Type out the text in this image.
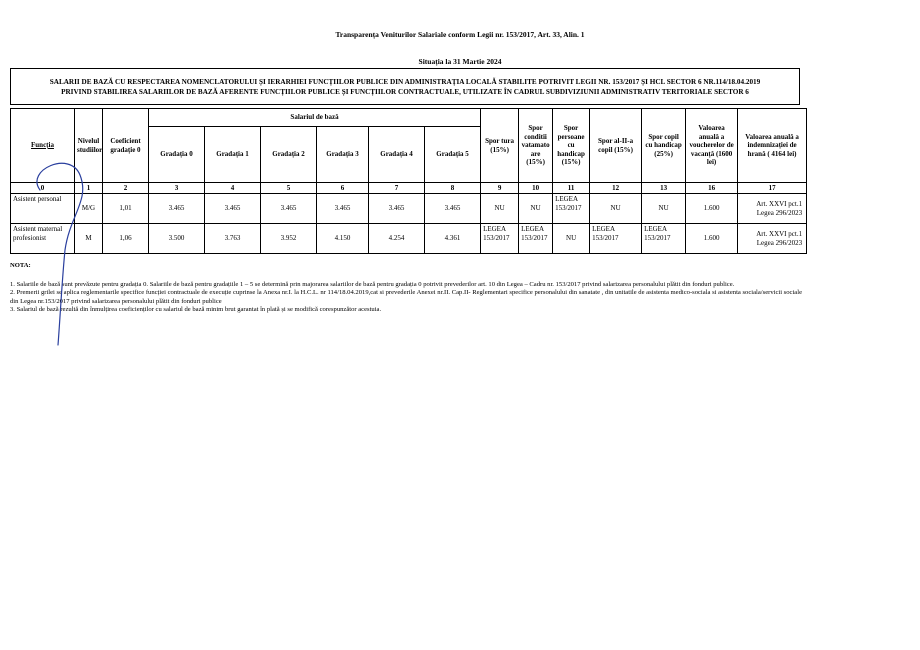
Transparența Veniturilor Salariale conform Legii nr. 153/2017, Art. 33, Alin. 1
Situația la 31 Martie 2024
SALARII DE BAZĂ CU RESPECTAREA NOMENCLATORULUI ȘI IERARHIEI FUNCȚIILOR PUBLICE DIN ADMINISTRAȚIA LOCALĂ STABILITE POTRIVIT LEGII NR. 153/2017 ȘI HCL SECTOR 6 NR.114/18.04.2019
PRIVIND STABILIREA SALARIILOR DE BAZĂ AFERENTE FUNCȚIILOR PUBLICE ȘI FUNCȚIILOR CONTRACTUALE, UTILIZATE ÎN CADRUL SUBDIVIZIUNII ADMINISTRATIV TERITORIALE SECTOR 6
Funcția	Nivelul studiilor	Coeficient gradație 0	Salariul de bază						Spor tura (15%)	Spor conditii vatamato are (15%)	Spor persoane cu handicap (15%)	Spor al-II-a copil (15%)	Spor copil cu handicap (25%)	Valoarea anuală a voucherelor de vacanță (1600 lei)	Valoarea anuală a indemnizației de hrană ( 4164 lei)
			Gradația 0	Gradația 1	Gradația 2	Gradația 3	Gradația 4	Gradația 5							
0	1	2	3	4	5	6	7	8	9	10	11	12	13	16	17
Asistent personal	M/G	1,01	3.465	3.465	3.465	3.465	3.465	3.465	NU	NU	LEGEA 153/2017	NU	NU	1.600	Art. XXVI pct.1 Legea 296/2023
Asistent maternal profesionist	M	1,06	3.500	3.763	3.952	4.150	4.254	4.361	LEGEA 153/2017	LEGEA 153/2017	NU	LEGEA 153/2017	LEGEA 153/2017	1.600	Art. XXVI pct.1 Legea 296/2023

NOTA:

1. Salariile de bază sunt prevăzute pentru gradația 0. Salariile de bază pentru gradațiile 1 – 5 se determină prin majorarea salariilor de bază pentru gradația 0 potrivit prevederilor art. 10 din Legea – Cadru nr. 153/2017 privind salarizarea personalului plătit din fonduri publice.

2. Premerii grilei se aplica reglementarile specifice funcției contractuale de execuție cuprinse la Anexa nr.I. la H.C.L. nr 114/18.04.2019,cat si prevederile Anexei nr.II. Cap.II- Reglementari specifice personalului din sanatate , din unitatile de asistenta medico-sociala si asistenta sociala/servicii sociale din Legea nr.153/2017 privind salarizarea personalului plătit din fonduri publice

3. Salariul de bază rezultă din înmulțirea coeficienților cu salariul de bază minim brut garantat în plată și se modifică corespunzător acestuia.
